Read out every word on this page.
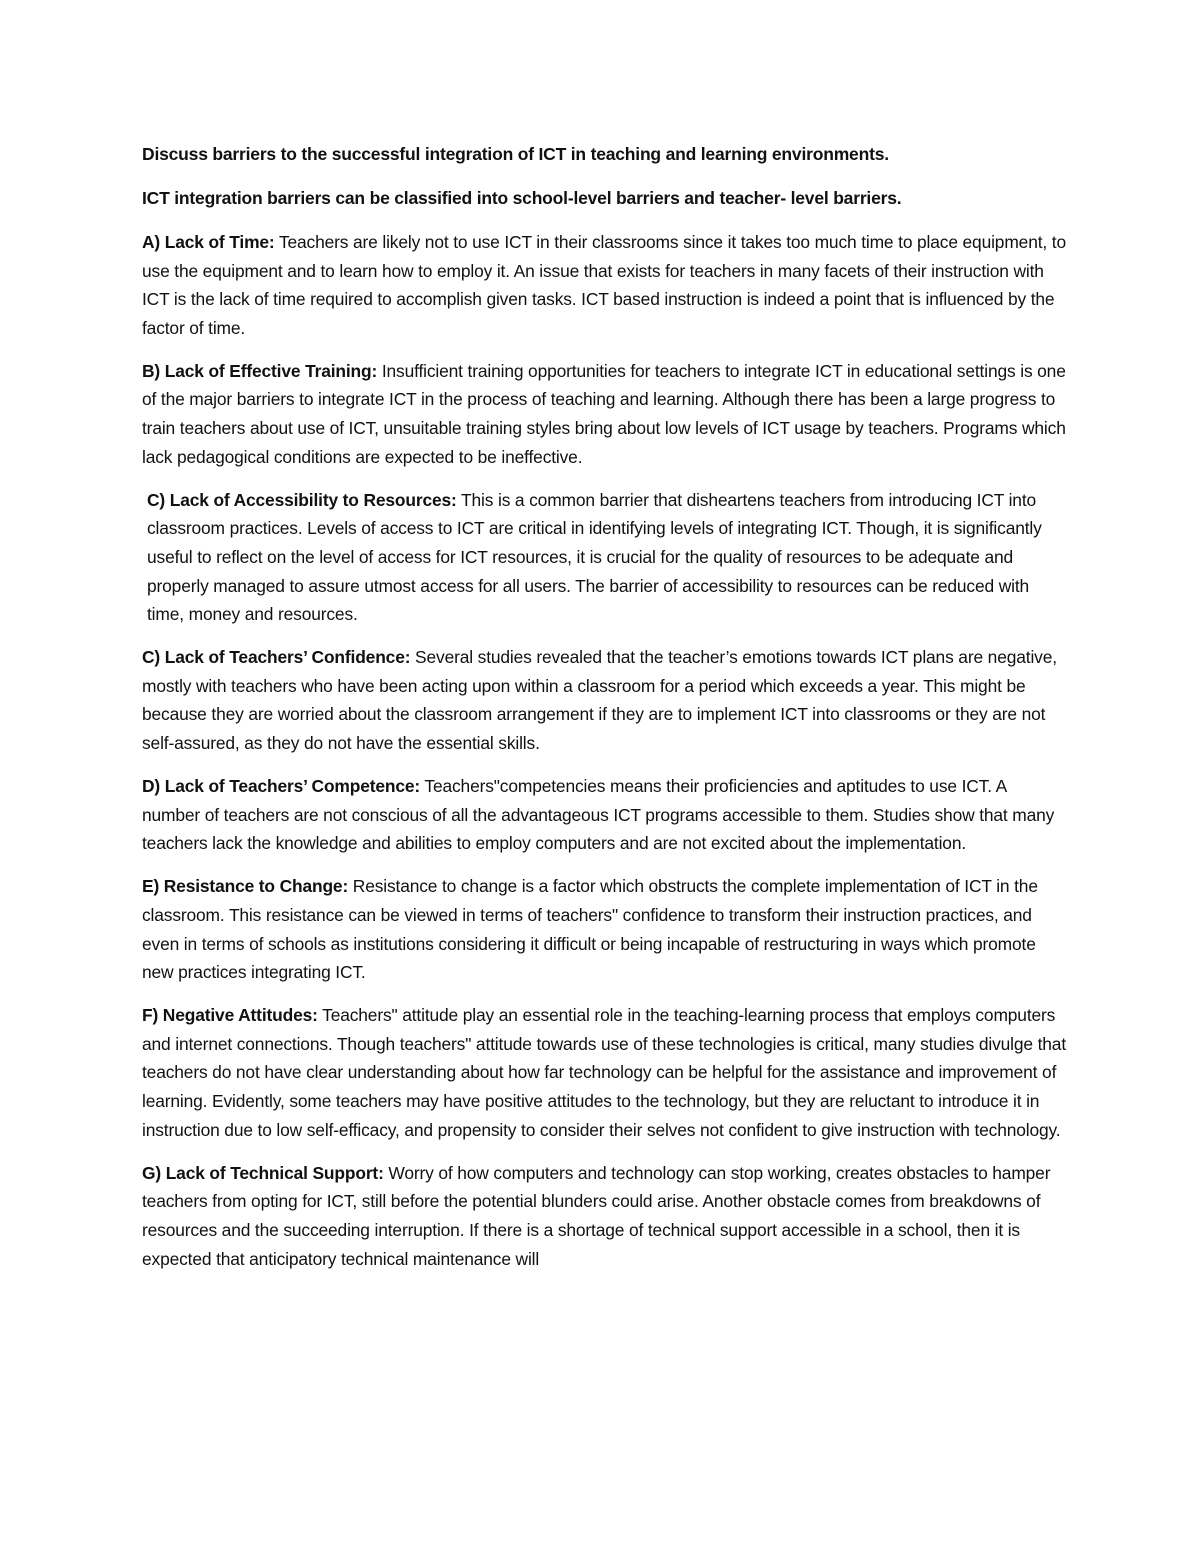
Discuss barriers to the successful integration of ICT in teaching and learning environments.
ICT integration barriers can be classified into school-level barriers and teacher- level barriers.

A) Lack of Time: Teachers are likely not to use ICT in their classrooms since it takes too much time to place equipment, to use the equipment and to learn how to employ it. An issue that exists for teachers in many facets of their instruction with ICT is the lack of time required to accomplish given tasks. ICT based instruction is indeed a point that is influenced by the factor of time.

B) Lack of Effective Training: Insufficient training opportunities for teachers to integrate ICT in educational settings is one of the major barriers to integrate ICT in the process of teaching and learning. Although there has been a large progress to train teachers about use of ICT, unsuitable training styles bring about low levels of ICT usage by teachers. Programs which lack pedagogical conditions are expected to be ineffective.

C) Lack of Accessibility to Resources: This is a common barrier that disheartens teachers from introducing ICT into classroom practices. Levels of access to ICT are critical in identifying levels of integrating ICT. Though, it is significantly useful to reflect on the level of access for ICT resources, it is crucial for the quality of resources to be adequate and properly managed to assure utmost access for all users. The barrier of accessibility to resources can be reduced with time, money and resources.

C) Lack of Teachers’ Confidence: Several studies revealed that the teacher’s emotions towards ICT plans are negative, mostly with teachers who have been acting upon within a classroom for a period which exceeds a year. This might be because they are worried about the classroom arrangement if they are to implement ICT into classrooms or they are not self-assured, as they do not have the essential skills.

D) Lack of Teachers’ Competence: Teachers"competencies means their proficiencies and aptitudes to use ICT. A number of teachers are not conscious of all the advantageous ICT programs accessible to them. Studies show that many teachers lack the knowledge and abilities to employ computers and are not excited about the implementation.

E) Resistance to Change: Resistance to change is a factor which obstructs the complete implementation of ICT in the classroom. This resistance can be viewed in terms of teachers" confidence to transform their instruction practices, and even in terms of schools as institutions considering it difficult or being incapable of restructuring in ways which promote new practices integrating ICT.

F) Negative Attitudes: Teachers" attitude play an essential role in the teaching-learning process that employs computers and internet connections. Though teachers" attitude towards use of these technologies is critical, many studies divulge that teachers do not have clear understanding about how far technology can be helpful for the assistance and improvement of learning. Evidently, some teachers may have positive attitudes to the technology, but they are reluctant to introduce it in instruction due to low self-efficacy, and propensity to consider their selves not confident to give instruction with technology.

G) Lack of Technical Support: Worry of how computers and technology can stop working, creates obstacles to hamper teachers from opting for ICT, still before the potential blunders could arise. Another obstacle comes from breakdowns of resources and the succeeding interruption. If there is a shortage of technical support accessible in a school, then it is expected that anticipatory technical maintenance will
